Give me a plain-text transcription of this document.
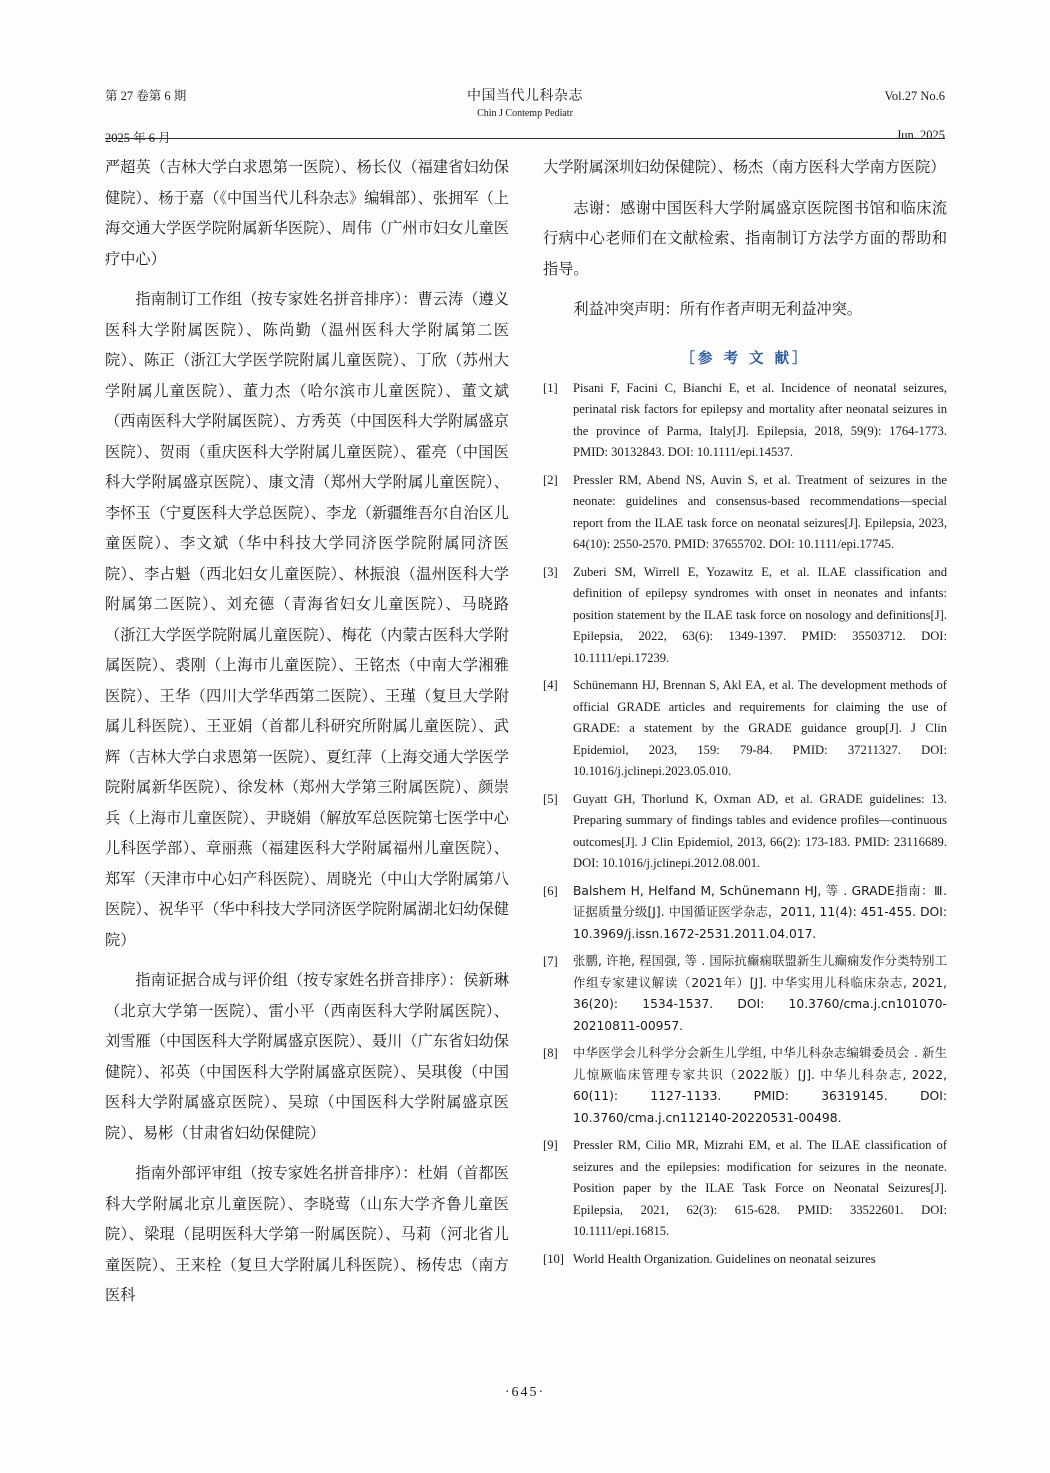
第 27 卷第 6 期	中国当代儿科杂志
Chin J Contemp Pediatr
Vol.27 No.6
2025 年 6 月	Jun. 2025

严超英（吉林大学白求恩第一医院）、杨长仪（福建省妇幼保健院）、杨于嘉（《中国当代儿科杂志》编辑部）、张拥军（上海交通大学医学院附属新华医院）、周伟（广州市妇女儿童医疗中心）

指南制订工作组（按专家姓名拼音排序）：曹云涛（遵义医科大学附属医院）、陈尚勤（温州医科大学附属第二医院）、陈正（浙江大学医学院附属儿童医院）、丁欣（苏州大学附属儿童医院）、董力杰（哈尔滨市儿童医院）、董文斌（西南医科大学附属医院）、方秀英（中国医科大学附属盛京医院）、贺雨（重庆医科大学附属儿童医院）、霍亮（中国医科大学附属盛京医院）、康文清（郑州大学附属儿童医院）、李怀玉（宁夏医科大学总医院）、李龙（新疆维吾尔自治区儿童医院）、李文斌（华中科技大学同济医学院附属同济医院）、李占魁（西北妇女儿童医院）、林振浪（温州医科大学附属第二医院）、刘充德（青海省妇女儿童医院）、马晓路（浙江大学医学院附属儿童医院）、梅花（内蒙古医科大学附属医院）、裘刚（上海市儿童医院）、王铭杰（中南大学湘雅医院）、王华（四川大学华西第二医院）、王瑾（复旦大学附属儿科医院）、王亚娟（首都儿科研究所附属儿童医院）、武辉（吉林大学白求恩第一医院）、夏红萍（上海交通大学医学院附属新华医院）、徐发林（郑州大学第三附属医院）、颜崇兵（上海市儿童医院）、尹晓娟（解放军总医院第七医学中心儿科医学部）、章丽燕（福建医科大学附属福州儿童医院）、郑军（天津市中心妇产科医院）、周晓光（中山大学附属第八医院）、祝华平（华中科技大学同济医学院附属湖北妇幼保健院）

指南证据合成与评价组（按专家姓名拼音排序）：侯新琳（北京大学第一医院）、雷小平（西南医科大学附属医院）、刘雪雁（中国医科大学附属盛京医院）、聂川（广东省妇幼保健院）、祁英（中国医科大学附属盛京医院）、吴琪俊（中国医科大学附属盛京医院）、吴琼（中国医科大学附属盛京医院）、易彬（甘肃省妇幼保健院）

指南外部评审组（按专家姓名拼音排序）：杜娟（首都医科大学附属北京儿童医院）、李晓莺（山东大学齐鲁儿童医院）、梁琨（昆明医科大学第一附属医院）、马莉（河北省儿童医院）、王来栓（复旦大学附属儿科医院）、杨传忠（南方医科

大学附属深圳妇幼保健院）、杨杰（南方医科大学南方医院）

志谢：感谢中国医科大学附属盛京医院图书馆和临床流行病中心老师们在文献检索、指南制订方法学方面的帮助和指导。

利益冲突声明：所有作者声明无利益冲突。

［参 考 文 献］
[1]	Pisani F, Facini C, Bianchi E, et al. Incidence of neonatal seizures, perinatal risk factors for epilepsy and mortality after neonatal seizures in the province of Parma, Italy[J]. Epilepsia, 2018, 59(9): 1764-1773. PMID: 30132843. DOI: 10.1111/epi.14537.
[2]	Pressler RM, Abend NS, Auvin S, et al. Treatment of seizures in the neonate: guidelines and consensus-based recommendations—special report from the ILAE task force on neonatal seizures[J]. Epilepsia, 2023, 64(10): 2550-2570. PMID: 37655702. DOI: 10.1111/epi.17745.
[3]	Zuberi SM, Wirrell E, Yozawitz E, et al. ILAE classification and definition of epilepsy syndromes with onset in neonates and infants: position statement by the ILAE task force on nosology and definitions[J]. Epilepsia, 2022, 63(6): 1349-1397. PMID: 35503712. DOI: 10.1111/epi.17239.
[4]	Schünemann HJ, Brennan S, Akl EA, et al. The development methods of official GRADE articles and requirements for claiming the use of GRADE: a statement by the GRADE guidance group[J]. J Clin Epidemiol, 2023, 159: 79-84. PMID: 37211327. DOI: 10.1016/j.jclinepi.2023.05.010.
[5]	Guyatt GH, Thorlund K, Oxman AD, et al. GRADE guidelines: 13. Preparing summary of findings tables and evidence profiles—continuous outcomes[J]. J Clin Epidemiol, 2013, 66(2): 173-183. PMID: 23116689. DOI: 10.1016/j.jclinepi.2012.08.001.
[6]	Balshem H, Helfand M, Schünemann HJ, 等 . GRADE指南：Ⅲ. 证据质量分级[J]. 中国循证医学杂志，2011, 11(4): 451-455. DOI: 10.3969/j.issn.1672-2531.2011.04.017.
[7]	张鹏, 许艳, 程国强, 等 . 国际抗癫痫联盟新生儿癫痫发作分类特别工作组专家建议解读（2021年）[J]. 中华实用儿科临床杂志, 2021, 36(20): 1534-1537. DOI: 10.3760/cma.j.cn101070-20210811-00957.
[8]	中华医学会儿科学分会新生儿学组, 中华儿科杂志编辑委员会 . 新生儿惊厥临床管理专家共识（2022版）[J]. 中华儿科杂志, 2022, 60(11): 1127-1133. PMID: 36319145. DOI: 10.3760/cma.j.cn112140-20220531-00498.
[9]	Pressler RM, Cilio MR, Mizrahi EM, et al. The ILAE classification of seizures and the epilepsies: modification for seizures in the neonate. Position paper by the ILAE Task Force on Neonatal Seizures[J]. Epilepsia, 2021, 62(3): 615-628. PMID: 33522601. DOI: 10.1111/epi.16815.
[10] World Health Organization. Guidelines on neonatal seizures
·645·
